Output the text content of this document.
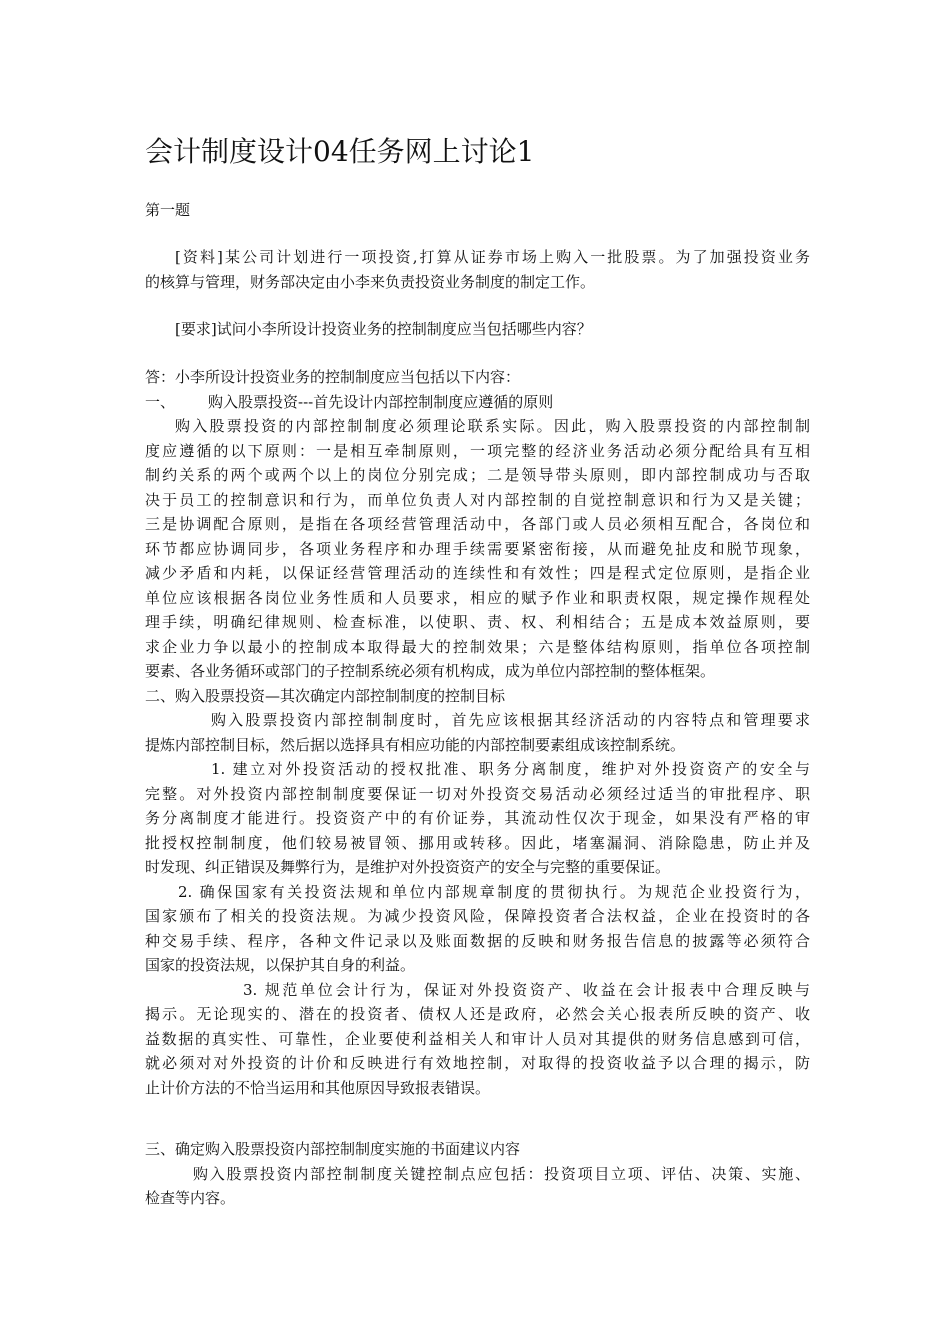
会计制度设计04任务网上讨论1
第一题
[资料]某公司计划进行一项投资,打算从证券市场上购入一批股票。为了加强投资业务
的核算与管理，财务部决定由小李来负责投资业务制度的制定工作。
[要求]试问小李所设计投资业务的控制制度应当包括哪些内容？
答：小李所设计投资业务的控制制度应当包括以下内容：
一、 购入股票投资---首先设计内部控制制度应遵循的原则
购入股票投资的内部控制制度必须理论联系实际。因此，购入股票投资的内部控制制
度应遵循的以下原则：一是相互牵制原则，一项完整的经济业务活动必须分配给具有互相
制约关系的两个或两个以上的岗位分别完成；二是领导带头原则，即内部控制成功与否取
决于员工的控制意识和行为，而单位负责人对内部控制的自觉控制意识和行为又是关键；
三是协调配合原则，是指在各项经营管理活动中，各部门或人员必须相互配合，各岗位和
环节都应协调同步，各项业务程序和办理手续需要紧密衔接，从而避免扯皮和脱节现象，
减少矛盾和内耗，以保证经营管理活动的连续性和有效性；四是程式定位原则，是指企业
单位应该根据各岗位业务性质和人员要求，相应的赋予作业和职责权限，规定操作规程处
理手续，明确纪律规则、检查标准，以使职、责、权、利相结合；五是成本效益原则，要
求企业力争以最小的控制成本取得最大的控制效果；六是整体结构原则，指单位各项控制
要素、各业务循环或部门的子控制系统必须有机构成，成为单位内部控制的整体框架。
二、购入股票投资—其次确定内部控制制度的控制目标
购入股票投资内部控制制度时，首先应该根据其经济活动的内容特点和管理要求
提炼内部控制目标，然后据以选择具有相应功能的内部控制要素组成该控制系统。
1. 建立对外投资活动的授权批准、职务分离制度，维护对外投资资产的安全与
完整。对外投资内部控制制度要保证一切对外投资交易活动必须经过适当的审批程序、职
务分离制度才能进行。投资资产中的有价证券，其流动性仅次于现金，如果没有严格的审
批授权控制制度，他们较易被冒领、挪用或转移。因此，堵塞漏洞、消除隐患，防止并及
时发现、纠正错误及舞弊行为，是维护对外投资资产的安全与完整的重要保证。
2. 确保国家有关投资法规和单位内部规章制度的贯彻执行。为规范企业投资行为，
国家颁布了相关的投资法规。为减少投资风险，保障投资者合法权益，企业在投资时的各
种交易手续、程序，各种文件记录以及账面数据的反映和财务报告信息的披露等必须符合
国家的投资法规，以保护其自身的利益。
3. 规范单位会计行为，保证对外投资资产、收益在会计报表中合理反映与
揭示。无论现实的、潜在的投资者、债权人还是政府，必然会关心报表所反映的资产、收
益数据的真实性、可靠性，企业要使利益相关人和审计人员对其提供的财务信息感到可信，
就必须对对外投资的计价和反映进行有效地控制，对取得的投资收益予以合理的揭示，防
止计价方法的不恰当运用和其他原因导致报表错误。
三、确定购入股票投资内部控制制度实施的书面建议内容
购入股票投资内部控制制度关键控制点应包括：投资项目立项、评估、决策、实施、
检查等内容。
